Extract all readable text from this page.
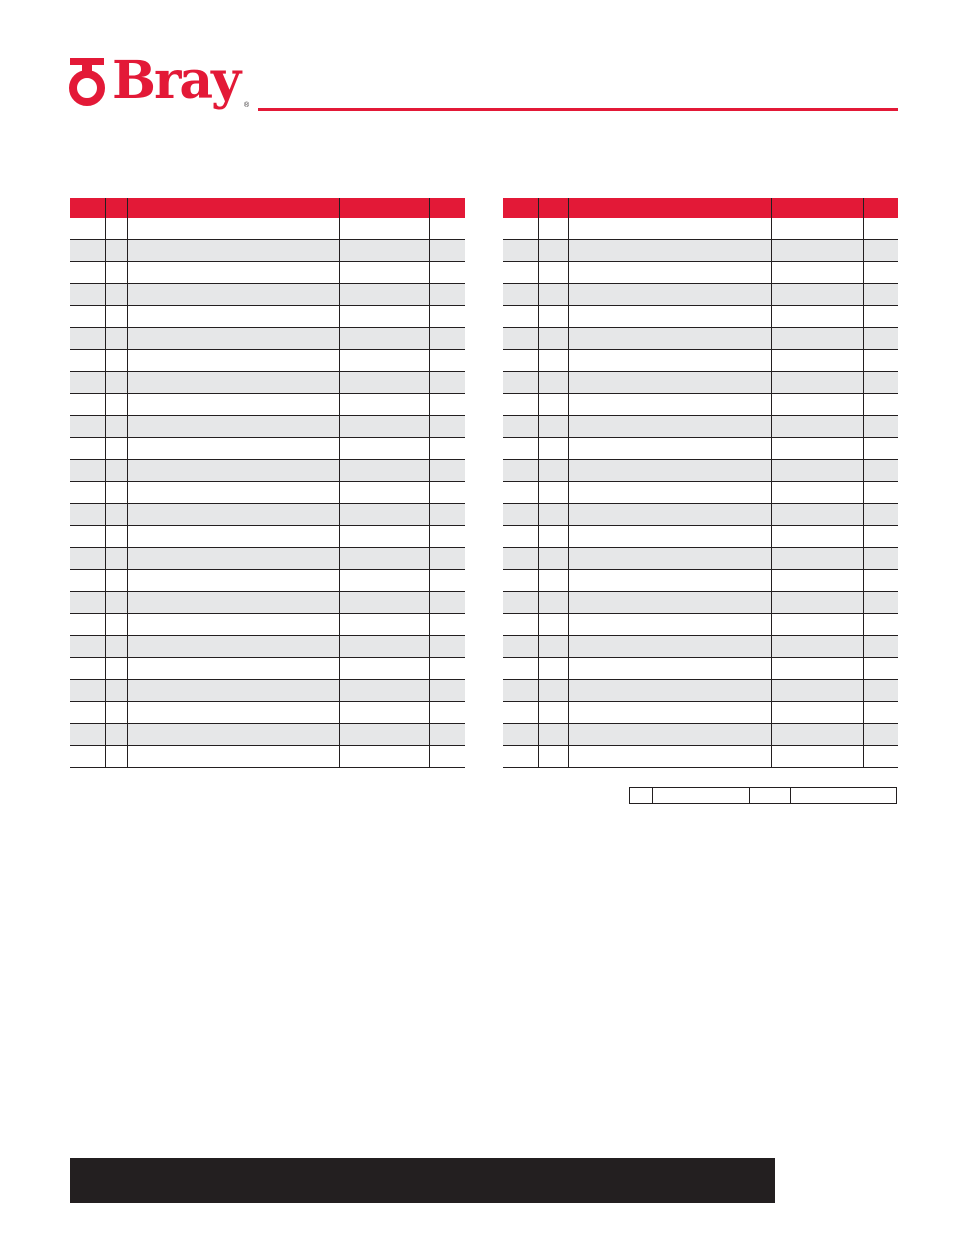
Bray ®
